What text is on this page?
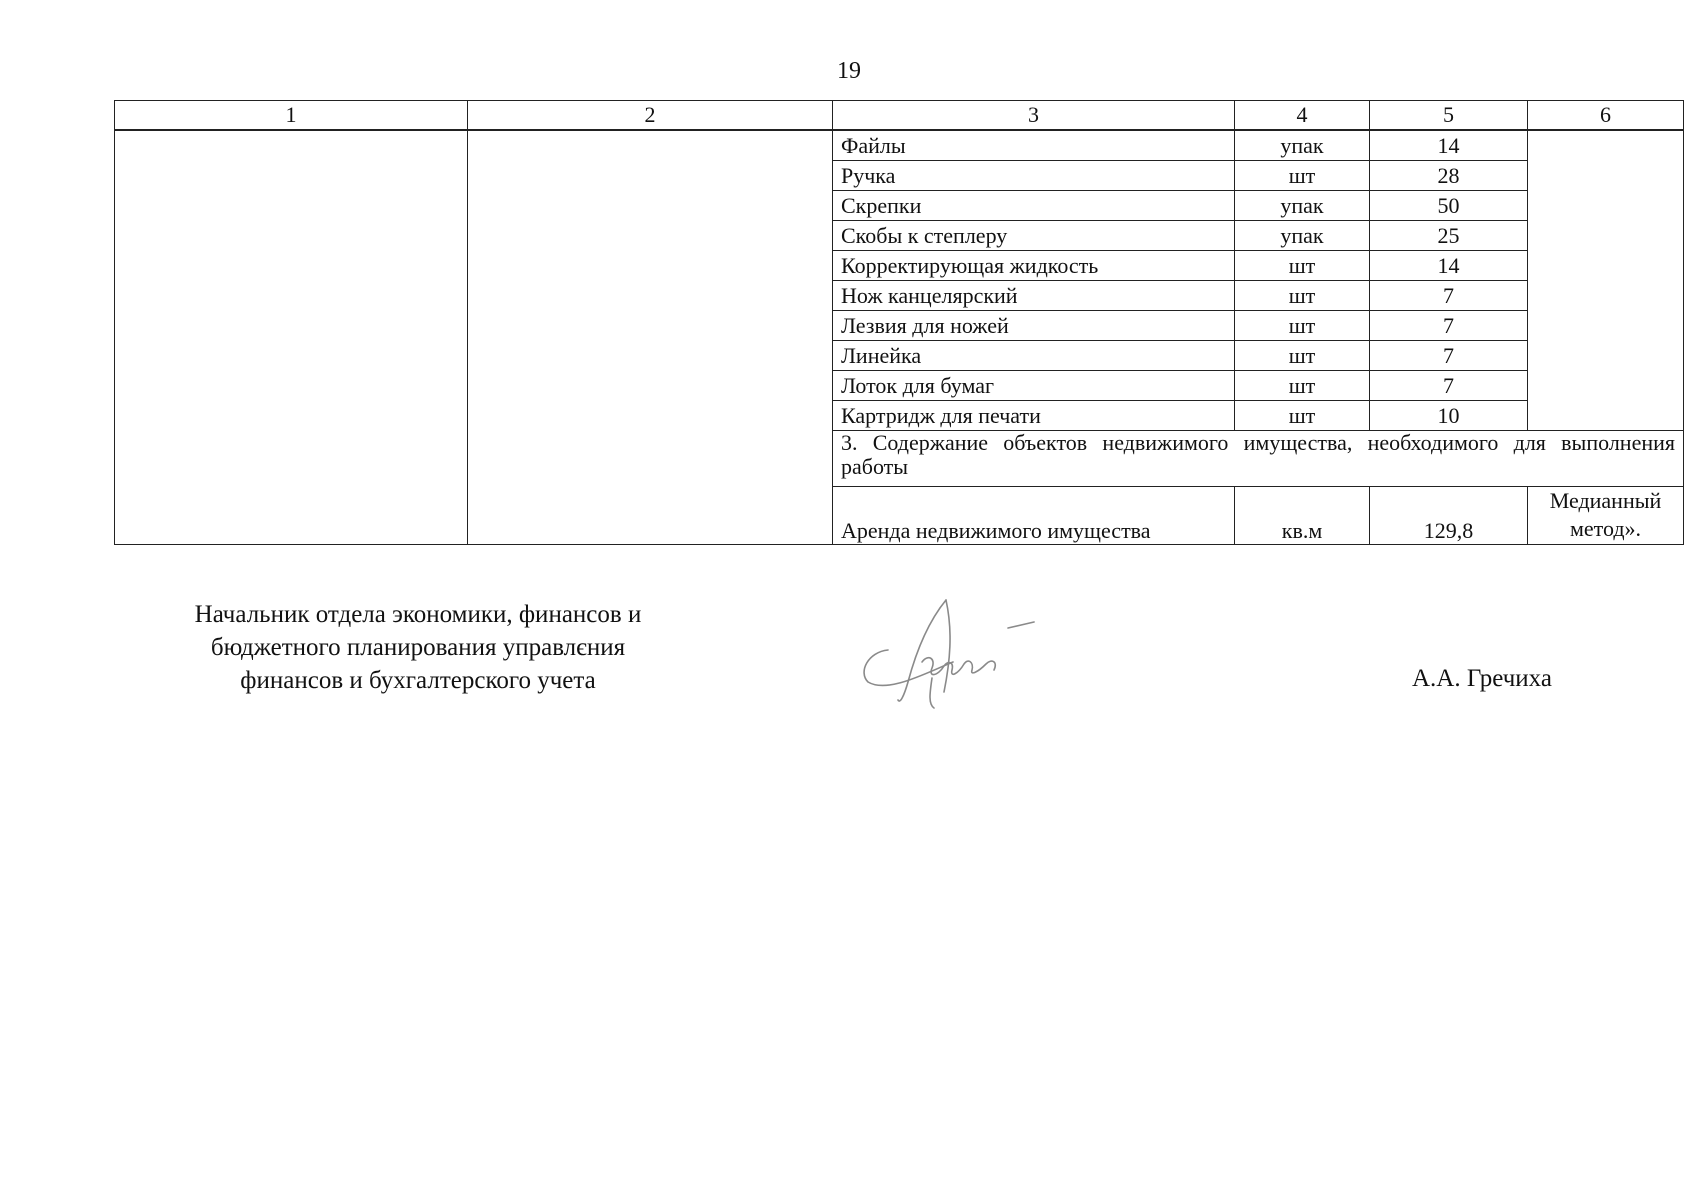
19
1	2	3	4	5	6
		Файлы	упак	14	
		Ручка	шт	28	
		Скрепки	упак	50	
		Скобы к степлеру	упак	25	
		Корректирующая жидкость	шт	14	
		Нож канцелярский	шт	7	
		Лезвия для ножей	шт	7	
		Линейка	шт	7	
		Лоток для бумаг	шт	7	
		Картридж для печати	шт	10	
		3. Содержание объектов недвижимого имущества, необходимого для выполнения работы			
		Аренда недвижимого имущества	кв.м	129,8	Медианный метод».
Начальник отдела экономики, финансов и
бюджетного планирования управлєния
финансов и бухгалтерского учета	А.А. Гречиха
